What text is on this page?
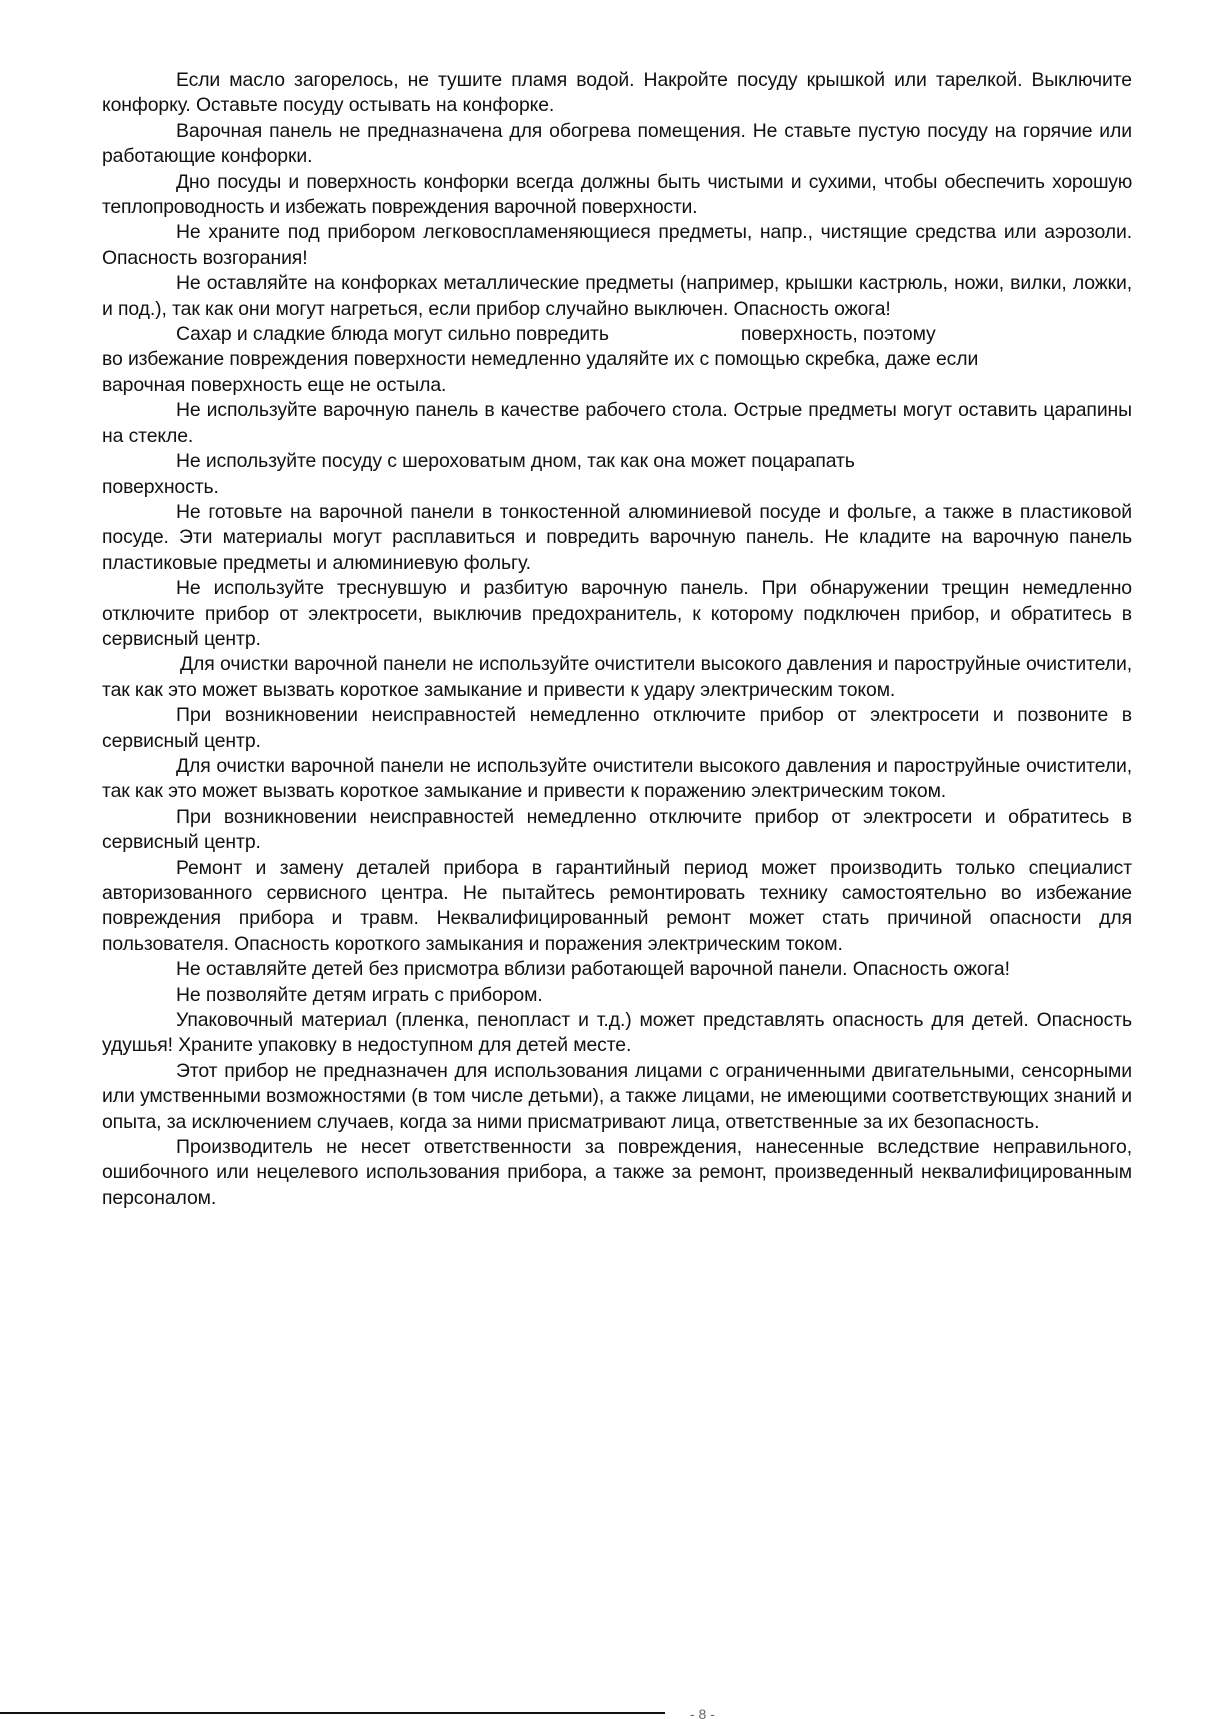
Если масло загорелось, не тушите пламя водой. Накройте посуду крышкой или тарелкой. Выключите конфорку. Оставьте посуду остывать на конфорке.

Варочная панель не предназначена для обогрева помещения. Не ставьте пустую посуду на горячие или работающие конфорки.

Дно посуды и поверхность конфорки всегда должны быть чистыми и сухими, чтобы обеспечить хорошую теплопроводность и избежать повреждения варочной поверхности.

Не храните под прибором легковоспламеняющиеся предметы, напр., чистящие средства или аэрозоли. Опасность возгорания!

Не оставляйте на конфорках металлические предметы (например, крышки кастрюль, ножи, вилки, ложки, и под.), так как они могут нагреться, если прибор случайно выключен. Опасность ожога!

Сахар и сладкие блюда могут сильно повредить	поверхность, поэтому
во избежание повреждения поверхности немедленно удаляйте их с помощью скребка, даже если
варочная поверхность еще не остыла.

Не используйте варочную панель в качестве рабочего стола. Острые предметы могут оставить царапины на стекле.

Не используйте посуду с шероховатым дном, так как она может поцарапать
поверхность.

Не готовьте на варочной панели в тонкостенной алюминиевой посуде и фольге, а также в пластиковой посуде. Эти материалы могут расплавиться и повредить варочную панель. Не кладите на варочную панель пластиковые предметы и алюминиевую фольгу.

Не используйте треснувшую и разбитую варочную панель. При обнаружении трещин немедленно отключите прибор от электросети, выключив предохранитель, к которому подключен прибор, и обратитесь в сервисный центр.

Для очистки варочной панели не используйте очистители высокого давления и пароструйные очистители, так как это может вызвать короткое замыкание и привести к удару электрическим током.

При возникновении неисправностей немедленно отключите прибор от электросети и позвоните в сервисный центр.

Для очистки варочной панели не используйте очистители высокого давления и пароструйные очистители, так как это может вызвать короткое замыкание и привести к поражению электрическим током.

При возникновении неисправностей немедленно отключите прибор от электросети и обратитесь в сервисный центр.

Ремонт и замену деталей прибора в гарантийный период может производить только специалист авторизованного сервисного центра. Не пытайтесь ремонтировать технику самостоятельно во избежание повреждения прибора и травм. Неквалифицированный ремонт может стать причиной опасности для пользователя. Опасность короткого замыкания и поражения электрическим током.

Не оставляйте детей без присмотра вблизи работающей варочной панели. Опасность ожога!

Не позволяйте детям играть с прибором.

Упаковочный материал (пленка, пенопласт и т.д.) может представлять опасность для детей. Опасность удушья! Храните упаковку в недоступном для детей месте.

Этот прибор не предназначен для использования лицами с ограниченными двигательными, сенсорными или умственными возможностями (в том числе детьми), а также лицами, не имеющими соответствующих знаний и опыта, за исключением случаев, когда за ними присматривают лица, ответственные за их безопасность.

Производитель не несет ответственности за повреждения, нанесенные вследствие неправильного, ошибочного или нецелевого использования прибора, а также за ремонт, произведенный неквалифицированным персоналом.

- 8 -
